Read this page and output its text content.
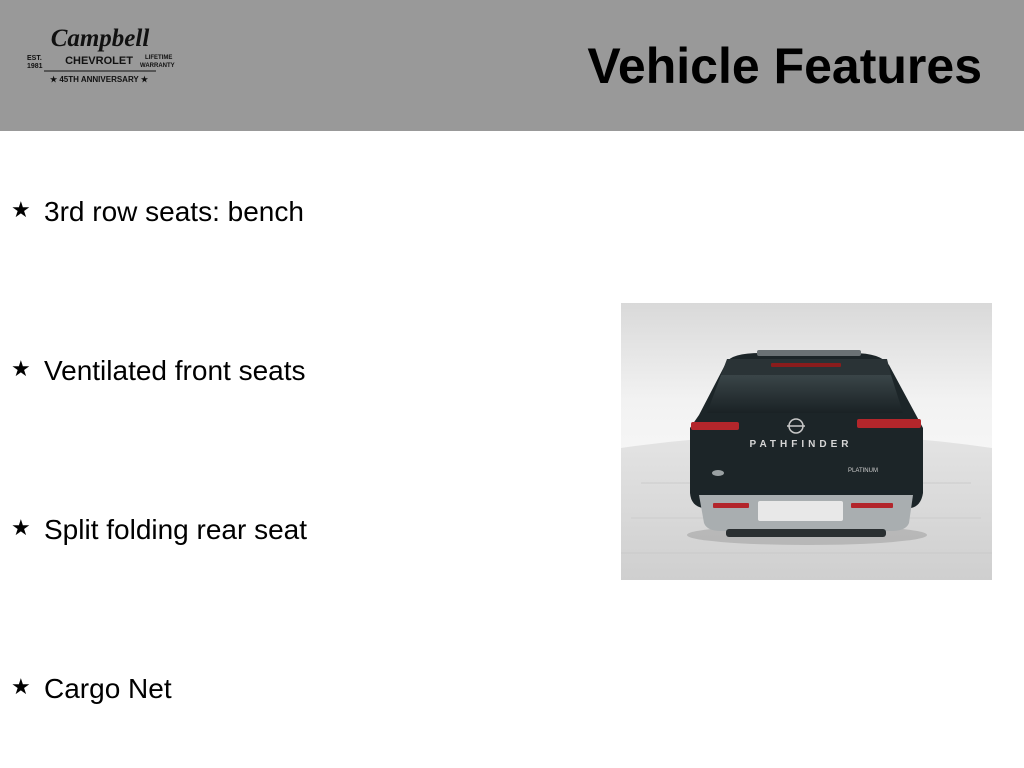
Campbell
EST.
1981 CHEVROLET LIFETIME
WARRANTY
★ 45TH ANNIVERSARY ★	Vehicle Features
★ 3rd row seats: bench
★ Ventilated front seats
★ Split folding rear seat
★ Cargo Net
PATHFINDER
PLATINUM
